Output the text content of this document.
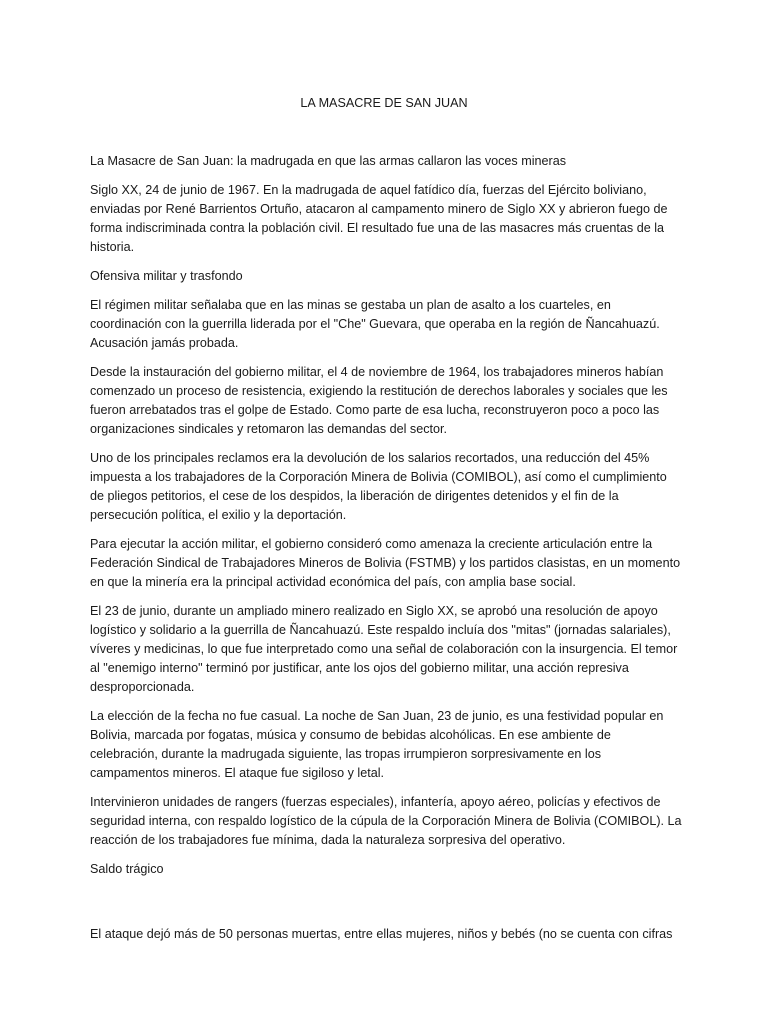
LA MASACRE DE SAN JUAN

La Masacre de San Juan: la madrugada en que las armas callaron las voces mineras

Siglo XX, 24 de junio de 1967. En la madrugada de aquel fatídico día, fuerzas del Ejército boliviano, enviadas por René Barrientos Ortuño, atacaron al campamento minero de Siglo XX y abrieron fuego de forma indiscriminada contra la población civil. El resultado fue una de las masacres más cruentas de la historia.

Ofensiva militar y trasfondo

El régimen militar señalaba que en las minas se gestaba un plan de asalto a los cuarteles, en coordinación con la guerrilla liderada por el "Che" Guevara, que operaba en la región de Ñancahuazú. Acusación jamás probada.

Desde la instauración del gobierno militar, el 4 de noviembre de 1964, los trabajadores mineros habían comenzado un proceso de resistencia, exigiendo la restitución de derechos laborales y sociales que les fueron arrebatados tras el golpe de Estado. Como parte de esa lucha, reconstruyeron poco a poco las organizaciones sindicales y retomaron las demandas del sector.

Uno de los principales reclamos era la devolución de los salarios recortados, una reducción del 45% impuesta a los trabajadores de la Corporación Minera de Bolivia (COMIBOL), así como el cumplimiento de pliegos petitorios, el cese de los despidos, la liberación de dirigentes detenidos y el fin de la persecución política, el exilio y la deportación.

Para ejecutar la acción militar, el gobierno consideró como amenaza la creciente articulación entre la Federación Sindical de Trabajadores Mineros de Bolivia (FSTMB) y los partidos clasistas, en un momento en que la minería era la principal actividad económica del país, con amplia base social.

El 23 de junio, durante un ampliado minero realizado en Siglo XX, se aprobó una resolución de apoyo logístico y solidario a la guerrilla de Ñancahuazú. Este respaldo incluía dos "mitas" (jornadas salariales), víveres y medicinas, lo que fue interpretado como una señal de colaboración con la insurgencia. El temor al "enemigo interno" terminó por justificar, ante los ojos del gobierno militar, una acción represiva desproporcionada.

La elección de la fecha no fue casual. La noche de San Juan, 23 de junio, es una festividad popular en Bolivia, marcada por fogatas, música y consumo de bebidas alcohólicas. En ese ambiente de celebración, durante la madrugada siguiente, las tropas irrumpieron sorpresivamente en los campamentos mineros. El ataque fue sigiloso y letal.

Intervinieron unidades de rangers (fuerzas especiales), infantería, apoyo aéreo, policías y efectivos de seguridad interna, con respaldo logístico de la cúpula de la Corporación Minera de Bolivia (COMIBOL). La reacción de los trabajadores fue mínima, dada la naturaleza sorpresiva del operativo.

Saldo trágico

El ataque dejó más de 50 personas muertas, entre ellas mujeres, niños y bebés (no se cuenta con cifras
